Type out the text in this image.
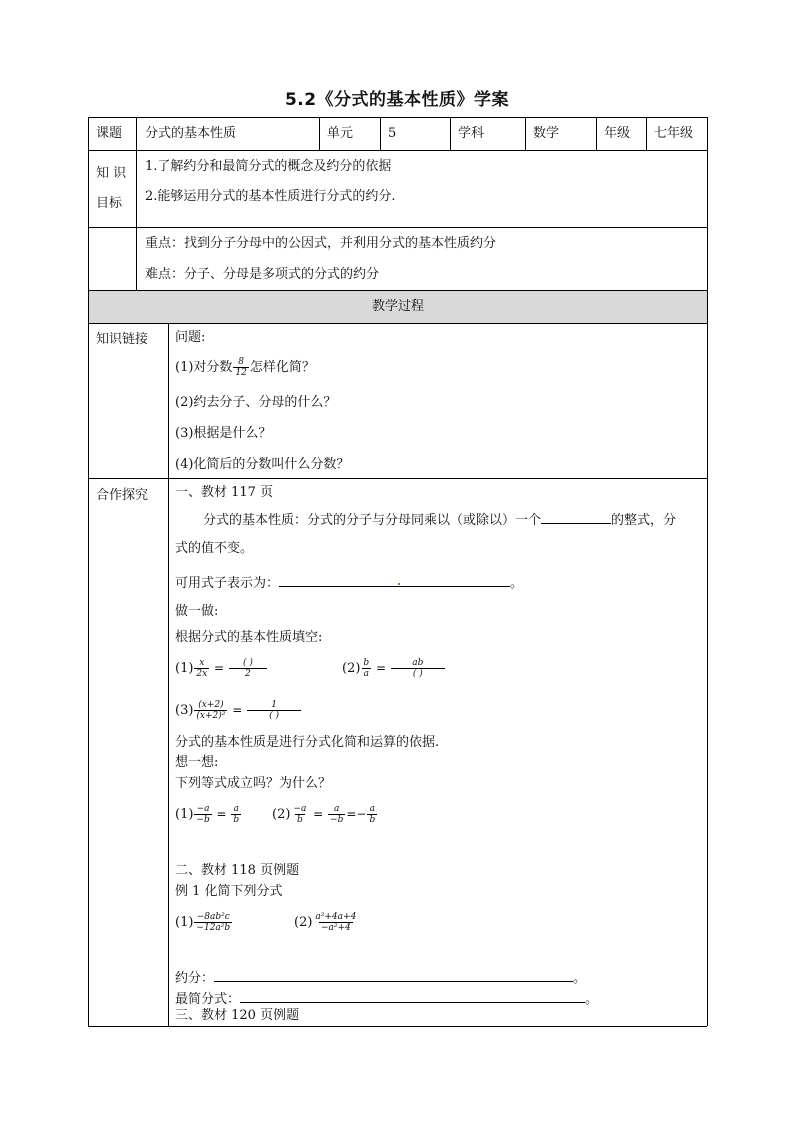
5.2《分式的基本性质》学案
教学过程
课题 分式的基本性质	单元	5	学科	数学	年级 七年级
知 识
目标
1.了解约分和最简分式的概念及约分的依据
2.能够运用分式的基本性质进行分式的约分.
重点：找到分子分母中的公因式，并利用分式的基本性质约分
难点：分子、分母是多项式的分式的约分
知识链接 问题:
(1)对分数 $\frac{8}{12}$ 怎样化简？
(2)约去分子、分母的什么？
(3)根据是什么？
(4)化简后的分数叫什么分数？
合作探究 一、教材 117 页
分式的基本性质：分式的分子与分母同乘以（或除以）一个	的整式，分
式的值不变。
可用式子表示为：	。
做一做:
根据分式的基本性质填空:
$(1) \frac{x}{2x} = \frac{( )}{2}$	$(2) \frac{b}{a} = \frac{ab}{( )}$
$(3) \frac{(x+2)}{\text{(x+2)²}} = \frac{1}{( )}$
分式的基本性质是进行分式化简和运算的依据.
想一想:
下列等式成立吗？为什么？
$(1) \frac{-a}{-b} = \frac{a}{b} (2) \frac{-a}{b} = \frac{a}{-b} =- \frac{a}{b}$
二、教材 118 页例题
例 1 化简下列分式
$(1) \frac{\text{−8ab²c}}{\text{−12a²b}}$	$(2) \frac{\text{a²+4a+4}}{\text{−a²+4}}$
约分：	。
最简分式：	。
三、教材 120 页例题
